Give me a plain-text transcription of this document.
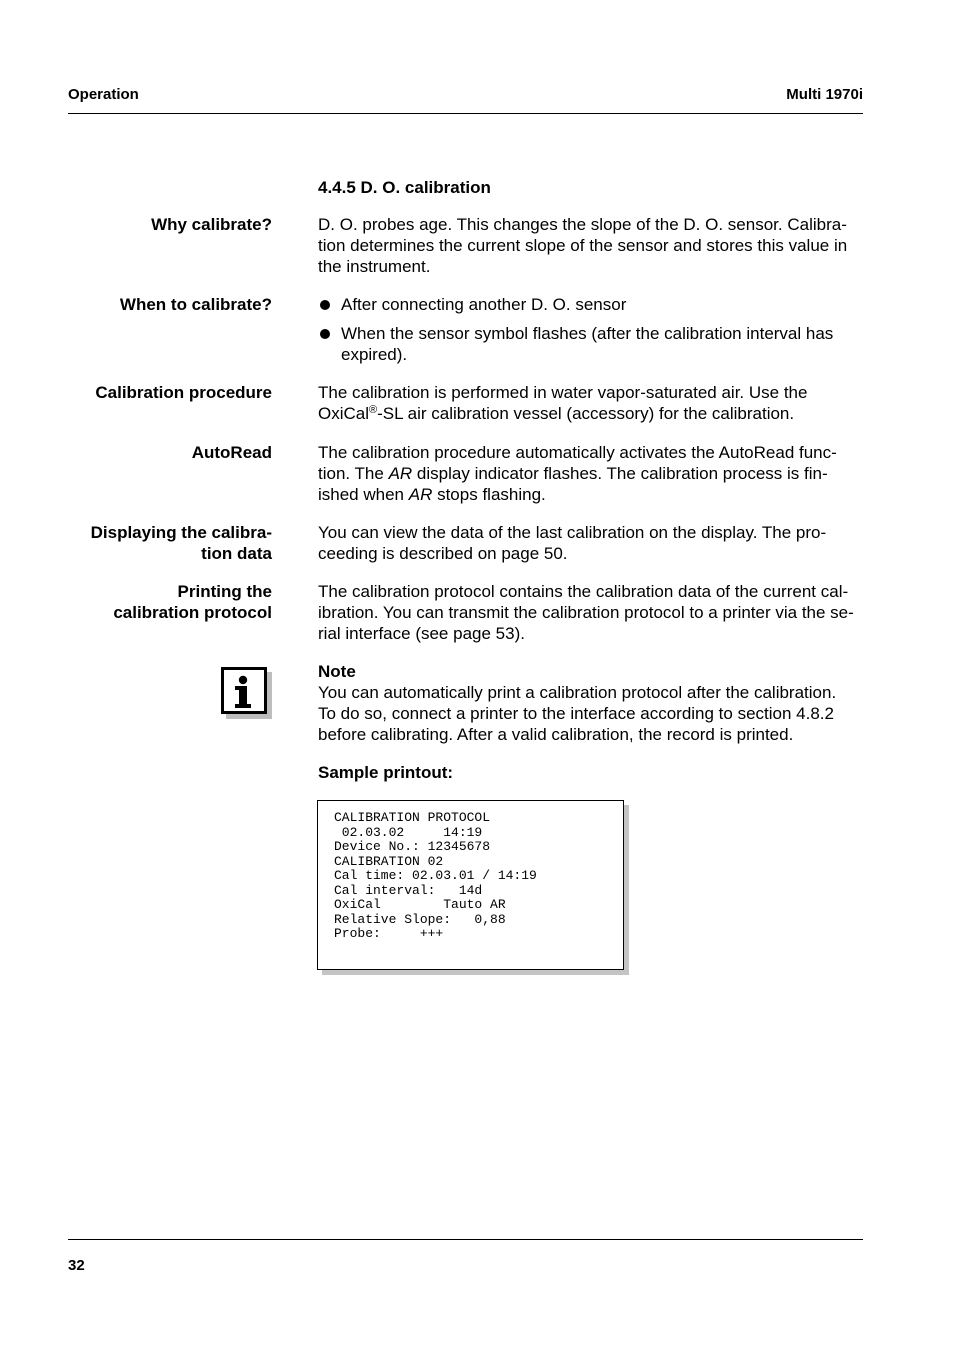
Operation	Multi 1970i
4.4.5 D. O. calibration
Why calibrate?	D. O. probes age. This changes the slope of the D. O. sensor. Calibra-
tion determines the current slope of the sensor and stores this value in
the instrument.
When to calibrate?	After connecting another D. O. sensor
When the sensor symbol flashes (after the calibration interval has
expired).
Calibration procedure	The calibration is performed in water vapor-saturated air. Use the
OxiCal®-SL air calibration vessel (accessory) for the calibration.
AutoRead	The calibration procedure automatically activates the AutoRead func-
tion. The AR display indicator flashes. The calibration process is fin-
ished when AR stops flashing.
Displaying the calibra-
tion data
You can view the data of the last calibration on the display. The pro-
ceeding is described on page 50.
Printing the
calibration protocol
The calibration protocol contains the calibration data of the current cal-
ibration. You can transmit the calibration protocol to a printer via the se-
rial interface (see page 53).
Note
You can automatically print a calibration protocol after the calibration.
To do so, connect a printer to the interface according to section 4.8.2
before calibrating. After a valid calibration, the record is printed.
Sample printout:
CALIBRATION PROTOCOL
02.03.02     14:19
Device No.: 12345678
CALIBRATION 02
Cal time: 02.03.01 / 14:19
Cal interval:   14d
OxiCal        Tauto AR
Relative Slope:   0,88
Probe:     +++
32
